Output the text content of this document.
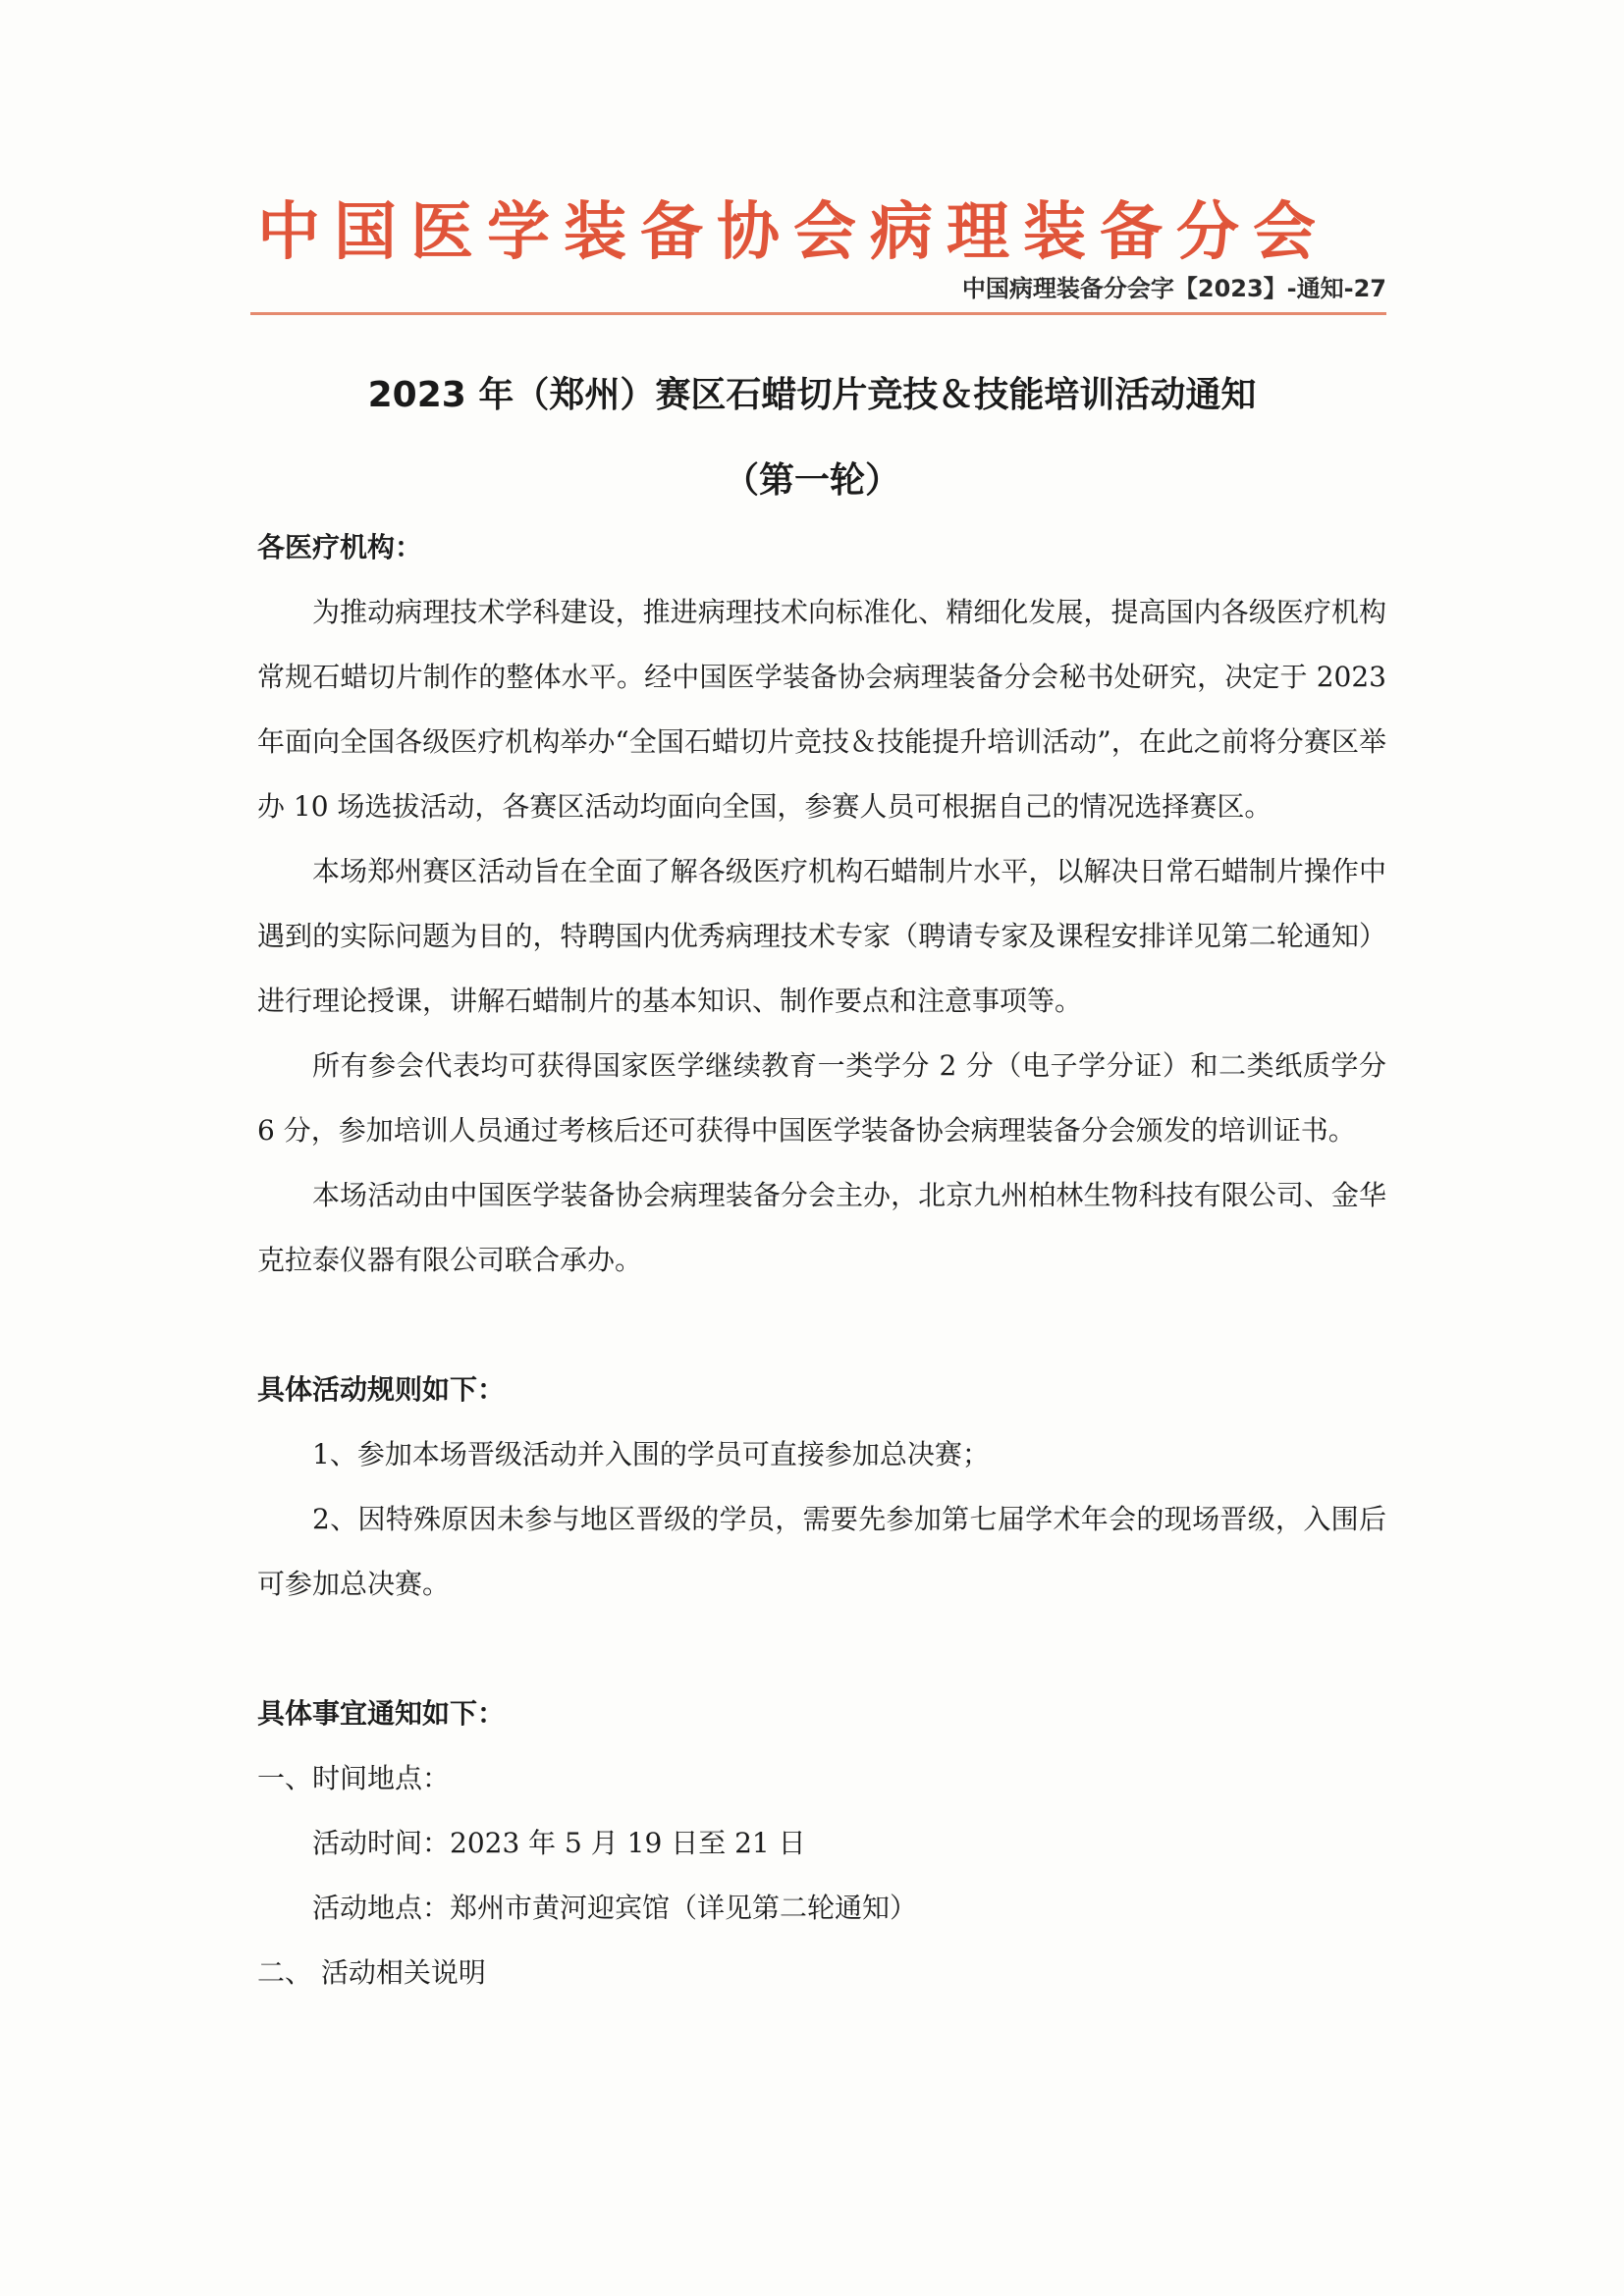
中国医学装备协会病理装备分会
中国病理装备分会字【2023】-通知-27
2023 年（郑州）赛区石蜡切片竞技＆技能培训活动通知
（第一轮）

各医疗机构：

为推动病理技术学科建设，推进病理技术向标准化、精细化发展，提高国内各级医疗机构常规石蜡切片制作的整体水平。经中国医学装备协会病理装备分会秘书处研究，决定于 2023 年面向全国各级医疗机构举办“全国石蜡切片竞技＆技能提升培训活动”，在此之前将分赛区举办 10 场选拔活动，各赛区活动均面向全国，参赛人员可根据自己的情况选择赛区。

本场郑州赛区活动旨在全面了解各级医疗机构石蜡制片水平，以解决日常石蜡制片操作中遇到的实际问题为目的，特聘国内优秀病理技术专家（聘请专家及课程安排详见第二轮通知）进行理论授课，讲解石蜡制片的基本知识、制作要点和注意事项等。

所有参会代表均可获得国家医学继续教育一类学分 2 分（电子学分证）和二类纸质学分 6 分，参加培训人员通过考核后还可获得中国医学装备协会病理装备分会颁发的培训证书。

本场活动由中国医学装备协会病理装备分会主办，北京九州柏林生物科技有限公司、金华克拉泰仪器有限公司联合承办。

具体活动规则如下：

1、参加本场晋级活动并入围的学员可直接参加总决赛；

2、因特殊原因未参与地区晋级的学员，需要先参加第七届学术年会的现场晋级，入围后可参加总决赛。

具体事宜通知如下：

一、时间地点：

活动时间：2023 年 5 月 19 日至 21 日

活动地点：郑州市黄河迎宾馆（详见第二轮通知）

二、 活动相关说明
